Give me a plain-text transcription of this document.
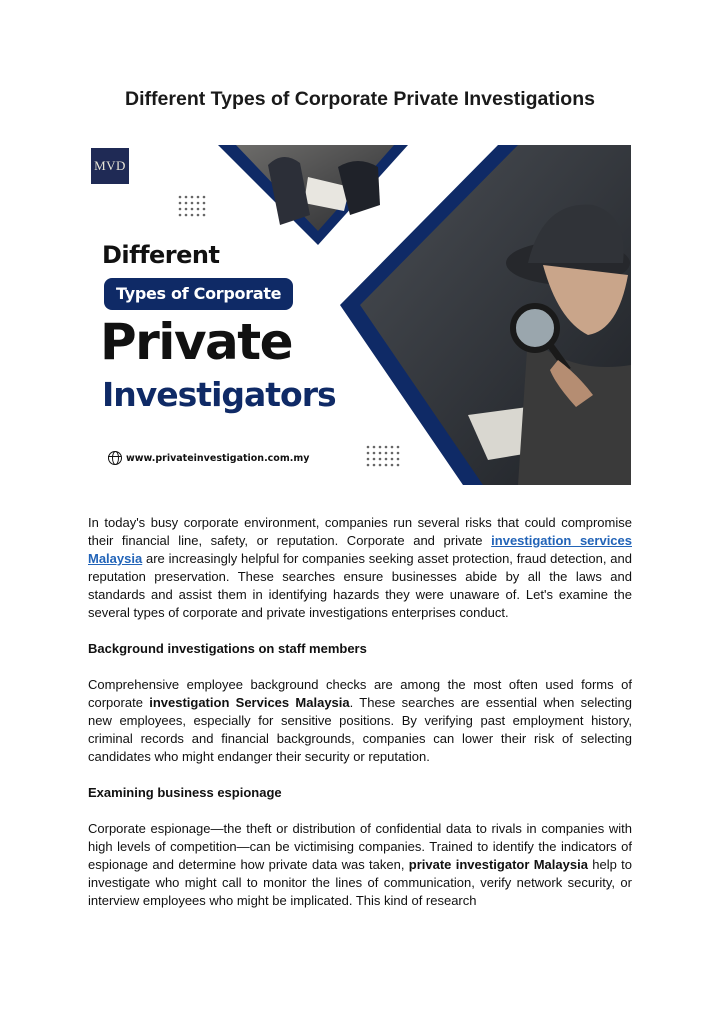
Different Types of Corporate Private Investigations
MVD
Different
Types of Corporate
Private
Investigators
www.privateinvestigation.com.my

In today's busy corporate environment, companies run several risks that could compromise their financial line, safety, or reputation. Corporate and private investigation services Malaysia are increasingly helpful for companies seeking asset protection, fraud detection, and reputation preservation. These searches ensure businesses abide by all the laws and standards and assist them in identifying hazards they were unaware of. Let's examine the several types of corporate and private investigations enterprises conduct.

Background investigations on staff members

Comprehensive employee background checks are among the most often used forms of corporate investigation Services Malaysia. These searches are essential when selecting new employees, especially for sensitive positions. By verifying past employment history, criminal records and financial backgrounds, companies can lower their risk of selecting candidates who might endanger their security or reputation.

Examining business espionage

Corporate espionage—the theft or distribution of confidential data to rivals in companies with high levels of competition—can be victimising companies. Trained to identify the indicators of espionage and determine how private data was taken, private investigator Malaysia help to investigate who might call to monitor the lines of communication, verify network security, or interview employees who might be implicated. This kind of research
